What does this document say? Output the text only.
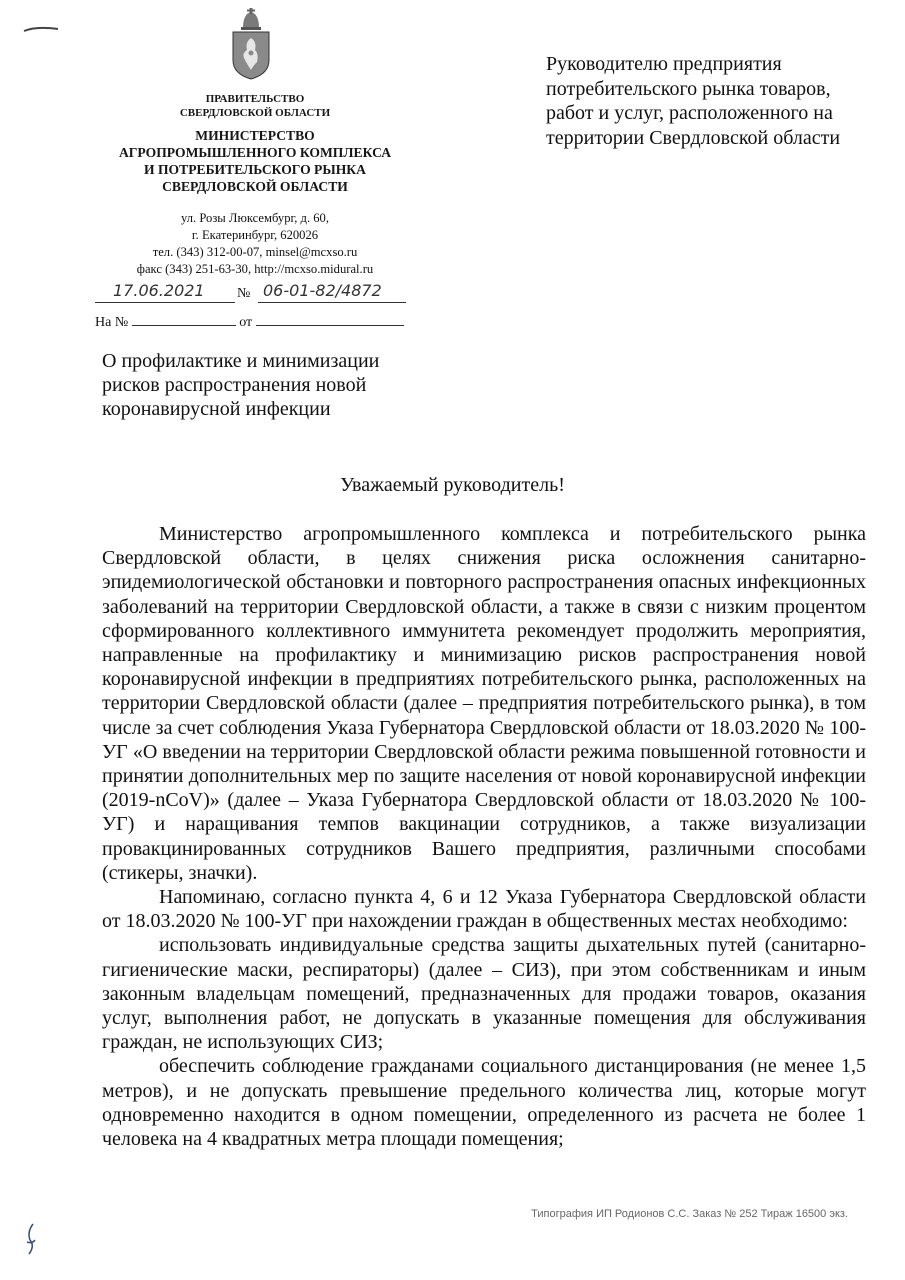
ПРАВИТЕЛЬСТВО
СВЕРДЛОВСКОЙ ОБЛАСТИ
МИНИСТЕРСТВО
АГРОПРОМЫШЛЕННОГО КОМПЛЕКСА
И ПОТРЕБИТЕЛЬСКОГО РЫНКА
СВЕРДЛОВСКОЙ ОБЛАСТИ
ул. Розы Люксембург, д. 60,
г. Екатеринбург, 620026
тел. (343) 312-00-07, minsel@mcxso.ru
факс (343) 251-63-30, http://mcxso.midural.ru
17.06.2021 № 06-01-82/4872
На №	от
О профилактике и минимизации
рисков распространения новой
коронавирусной инфекции
Руководителю предприятия
потребительского рынка товаров,
работ и услуг, расположенного на
территории Свердловской области
Уважаемый руководитель!

Министерство агропромышленного комплекса и потребительского рынка Свердловской области, в целях снижения риска осложнения санитарно-эпидемиологической обстановки и повторного распространения опасных инфекционных заболеваний на территории Свердловской области, а также в связи с низким процентом сформированного коллективного иммунитета рекомендует продолжить мероприятия, направленные на профилактику и минимизацию рисков распространения новой коронавирусной инфекции в предприятиях потребительского рынка, расположенных на территории Свердловской области (далее – предприятия потребительского рынка), в том числе за счет соблюдения Указа Губернатора Свердловской области от 18.03.2020 № 100-УГ «О введении на территории Свердловской области режима повышенной готовности и принятии дополнительных мер по защите населения от новой коронавирусной инфекции (2019-nCoV)» (далее – Указа Губернатора Свердловской области от 18.03.2020 № 100-УГ) и наращивания темпов вакцинации сотрудников, а также визуализации провакцинированных сотрудников Вашего предприятия, различными способами (стикеры, значки).

Напоминаю, согласно пункта 4, 6 и 12 Указа Губернатора Свердловской области от 18.03.2020 № 100-УГ при нахождении граждан в общественных местах необходимо:

использовать индивидуальные средства защиты дыхательных путей (санитарно-гигиенические маски, респираторы) (далее – СИЗ), при этом собственникам и иным законным владельцам помещений, предназначенных для продажи товаров, оказания услуг, выполнения работ, не допускать в указанные помещения для обслуживания граждан, не использующих СИЗ;

обеспечить соблюдение гражданами социального дистанцирования (не менее 1,5 метров), и не допускать превышение предельного количества лиц, которые могут одновременно находится в одном помещении, определенного из расчета не более 1 человека на 4 квадратных метра площади помещения;

Типография ИП Родионов С.С. Заказ № 252 Тираж 16500 экз.
